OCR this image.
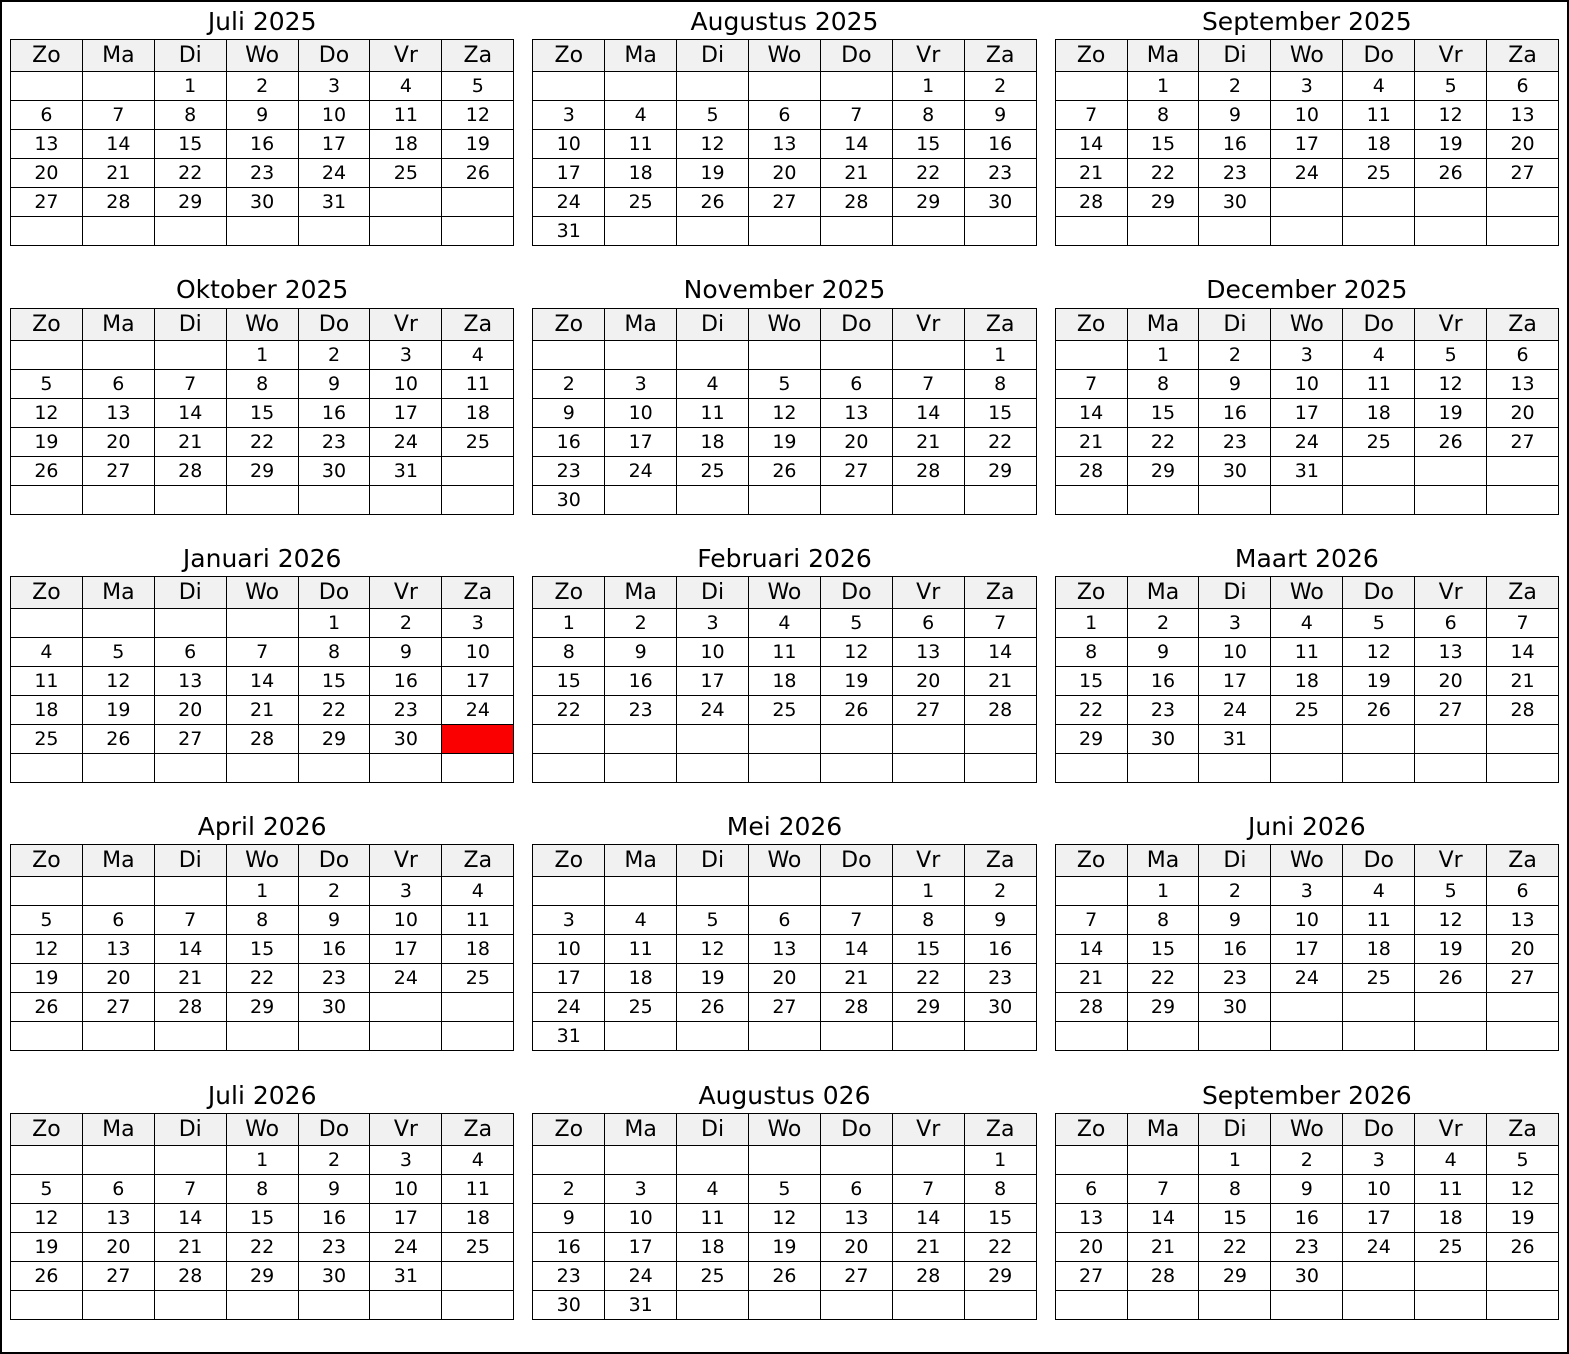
Juli 2025
Zo	Ma	Di	Wo	Do	Vr	Za
		1	2	3	4	5
6	7	8	9	10	11	12
13	14	15	16	17	18	19
20	21	22	23	24	25	26
27	28	29	30	31		

Augustus 2025
Zo	Ma	Di	Wo	Do	Vr	Za
					1	2
3	4	5	6	7	8	9
10	11	12	13	14	15	16
17	18	19	20	21	22	23
24	25	26	27	28	29	30
31						
September 2025
Zo	Ma	Di	Wo	Do	Vr	Za
	1	2	3	4	5	6
7	8	9	10	11	12	13
14	15	16	17	18	19	20
21	22	23	24	25	26	27
28	29	30				

Oktober 2025
Zo	Ma	Di	Wo	Do	Vr	Za
			1	2	3	4
5	6	7	8	9	10	11
12	13	14	15	16	17	18
19	20	21	22	23	24	25
26	27	28	29	30	31	

November 2025
Zo	Ma	Di	Wo	Do	Vr	Za
						1
2	3	4	5	6	7	8
9	10	11	12	13	14	15
16	17	18	19	20	21	22
23	24	25	26	27	28	29
30						
December 2025
Zo	Ma	Di	Wo	Do	Vr	Za
	1	2	3	4	5	6
7	8	9	10	11	12	13
14	15	16	17	18	19	20
21	22	23	24	25	26	27
28	29	30	31			

Januari 2026
Zo	Ma	Di	Wo	Do	Vr	Za
				1	2	3
4	5	6	7	8	9	10
11	12	13	14	15	16	17
18	19	20	21	22	23	24
25	26	27	28	29	30	

Februari 2026
Zo	Ma	Di	Wo	Do	Vr	Za
1	2	3	4	5	6	7
8	9	10	11	12	13	14
15	16	17	18	19	20	21
22	23	24	25	26	27	28

Maart 2026
Zo	Ma	Di	Wo	Do	Vr	Za
1	2	3	4	5	6	7
8	9	10	11	12	13	14
15	16	17	18	19	20	21
22	23	24	25	26	27	28
29	30	31				

April 2026
Zo	Ma	Di	Wo	Do	Vr	Za
			1	2	3	4
5	6	7	8	9	10	11
12	13	14	15	16	17	18
19	20	21	22	23	24	25
26	27	28	29	30		

Mei 2026
Zo	Ma	Di	Wo	Do	Vr	Za
					1	2
3	4	5	6	7	8	9
10	11	12	13	14	15	16
17	18	19	20	21	22	23
24	25	26	27	28	29	30
31						
Juni 2026
Zo	Ma	Di	Wo	Do	Vr	Za
	1	2	3	4	5	6
7	8	9	10	11	12	13
14	15	16	17	18	19	20
21	22	23	24	25	26	27
28	29	30				

Juli 2026
Zo	Ma	Di	Wo	Do	Vr	Za
			1	2	3	4
5	6	7	8	9	10	11
12	13	14	15	16	17	18
19	20	21	22	23	24	25
26	27	28	29	30	31	

Augustus 026
Zo	Ma	Di	Wo	Do	Vr	Za
						1
2	3	4	5	6	7	8
9	10	11	12	13	14	15
16	17	18	19	20	21	22
23	24	25	26	27	28	29
30	31					
September 2026
Zo	Ma	Di	Wo	Do	Vr	Za
		1	2	3	4	5
6	7	8	9	10	11	12
13	14	15	16	17	18	19
20	21	22	23	24	25	26
27	28	29	30			
